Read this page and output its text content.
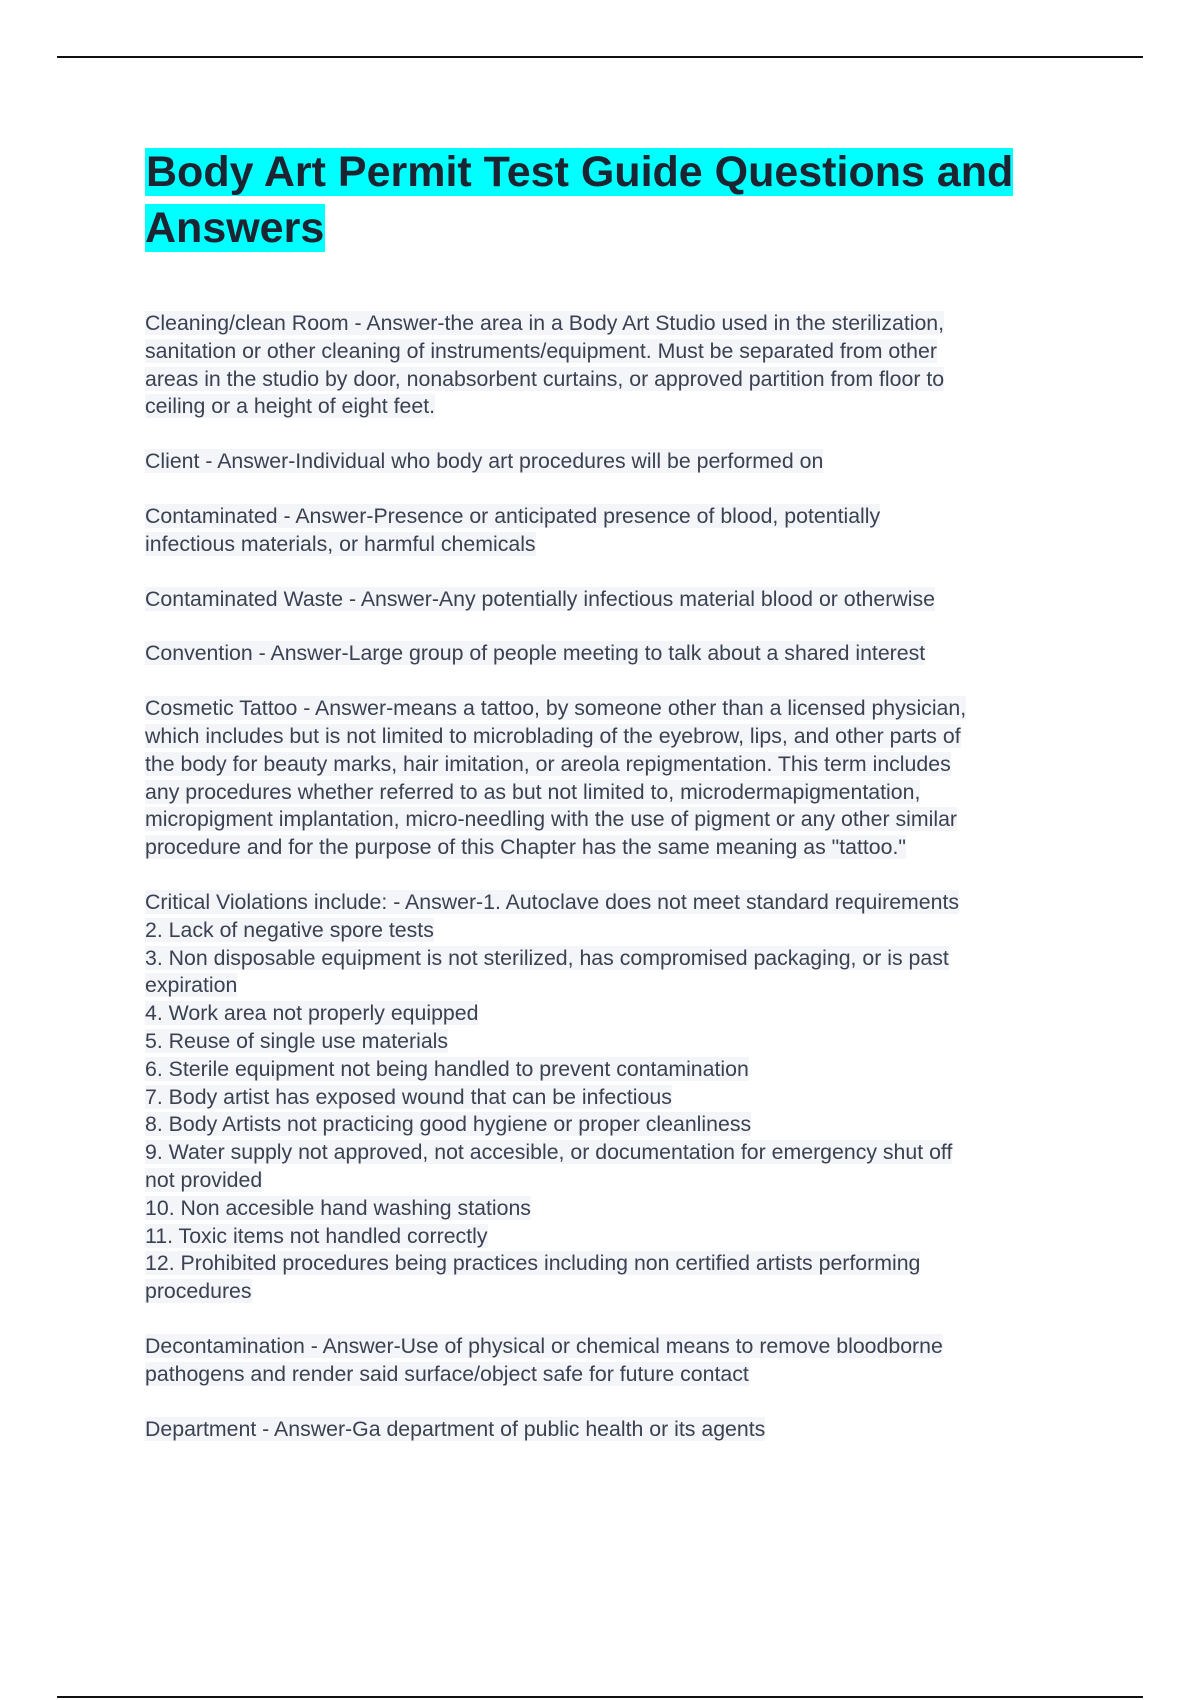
Body Art Permit Test Guide Questions and Answers
Cleaning/clean Room - Answer-the area in a Body Art Studio used in the sterilization,
sanitation or other cleaning of instruments/equipment. Must be separated from other
areas in the studio by door, nonabsorbent curtains, or approved partition from floor to
ceiling or a height of eight feet.
Client - Answer-Individual who body art procedures will be performed on
Contaminated - Answer-Presence or anticipated presence of blood, potentially
infectious materials, or harmful chemicals
Contaminated Waste - Answer-Any potentially infectious material blood or otherwise
Convention - Answer-Large group of people meeting to talk about a shared interest
Cosmetic Tattoo - Answer-means a tattoo, by someone other than a licensed physician,
which includes but is not limited to microblading of the eyebrow, lips, and other parts of
the body for beauty marks, hair imitation, or areola repigmentation. This term includes
any procedures whether referred to as but not limited to, microdermapigmentation,
micropigment implantation, micro-needling with the use of pigment or any other similar
procedure and for the purpose of this Chapter has the same meaning as "tattoo."
Critical Violations include: - Answer-1. Autoclave does not meet standard requirements
2. Lack of negative spore tests
3. Non disposable equipment is not sterilized, has compromised packaging, or is past
expiration
4. Work area not properly equipped
5. Reuse of single use materials
6. Sterile equipment not being handled to prevent contamination
7. Body artist has exposed wound that can be infectious
8. Body Artists not practicing good hygiene or proper cleanliness
9. Water supply not approved, not accesible, or documentation for emergency shut off
not provided
10. Non accesible hand washing stations
11. Toxic items not handled correctly
12. Prohibited procedures being practices including non certified artists performing
procedures
Decontamination - Answer-Use of physical or chemical means to remove bloodborne
pathogens and render said surface/object safe for future contact
Department - Answer-Ga department of public health or its agents
